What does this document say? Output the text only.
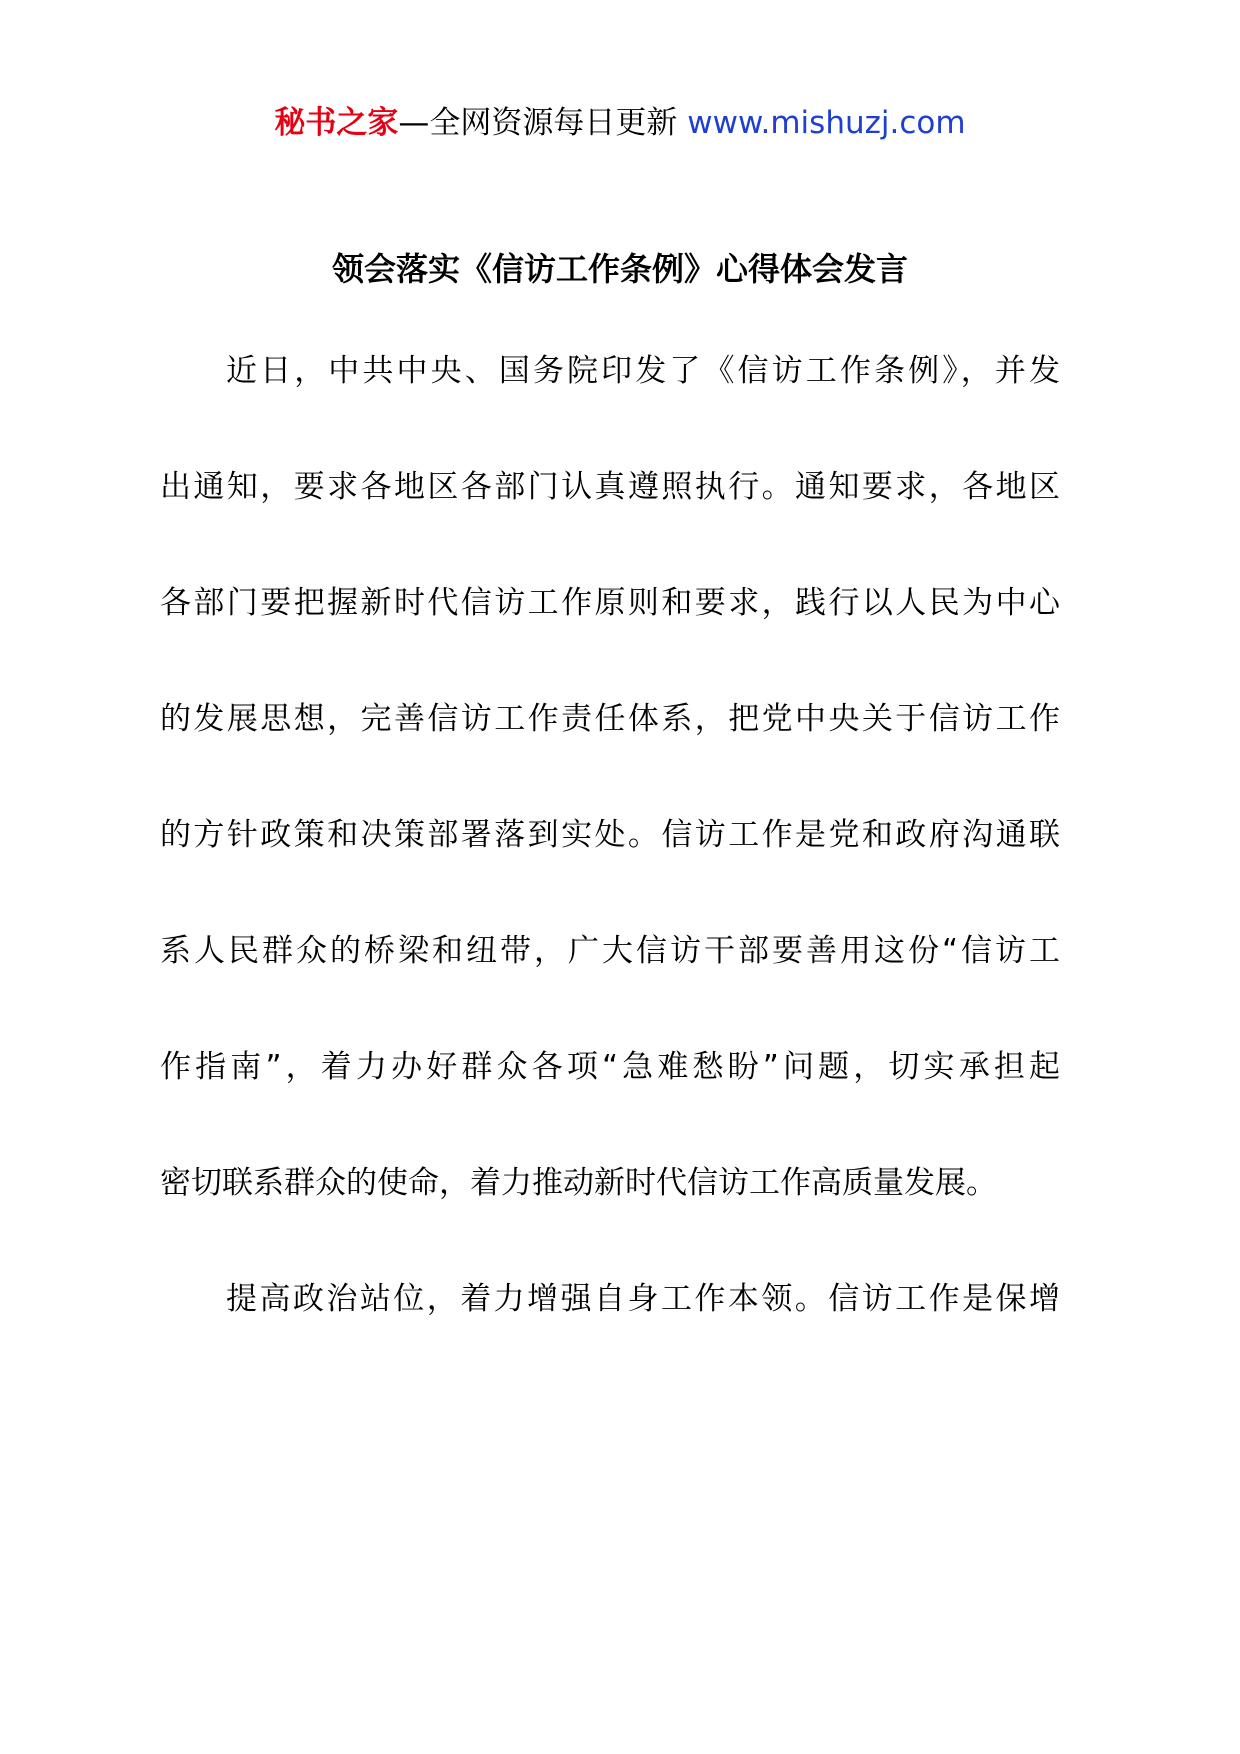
秘书之家—全网资源每日更新 www.mishuzj.com
领会落实《信访工作条例》心得体会发言
近日，中共中央、国务院印发了《信访工作条例》，并发
出通知，要求各地区各部门认真遵照执行。通知要求，各地区
各部门要把握新时代信访工作原则和要求，践行以人民为中心
的发展思想，完善信访工作责任体系，把党中央关于信访工作
的方针政策和决策部署落到实处。信访工作是党和政府沟通联
系人民群众的桥梁和纽带，广大信访干部要善用这份“信访工
作指南”，着力办好群众各项“急难愁盼”问题，切实承担起
密切联系群众的使命，着力推动新时代信访工作高质量发展。
提高政治站位，着力增强自身工作本领。信访工作是保增
